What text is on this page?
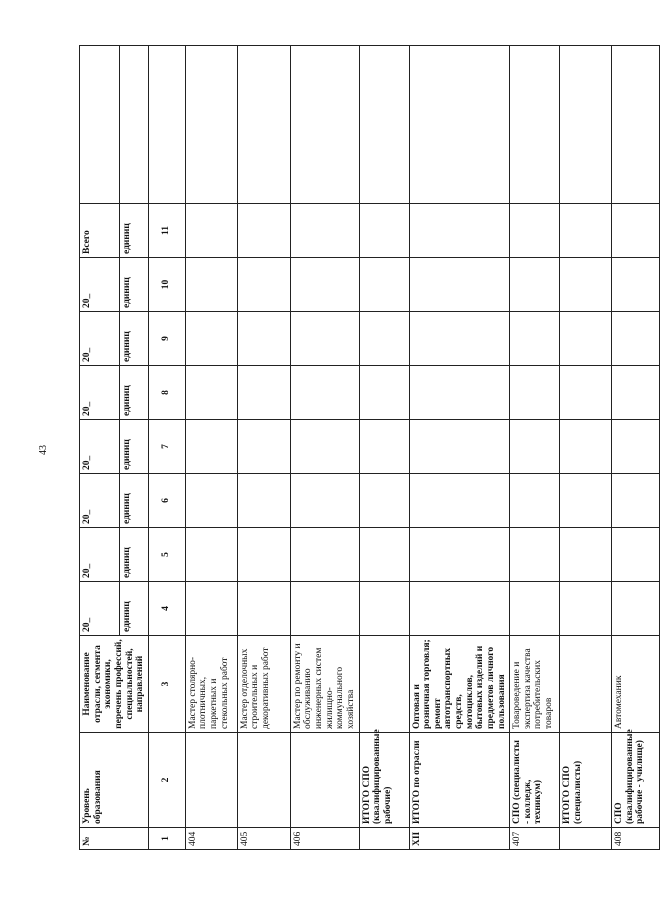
43
№	Уровень образования	Наименование отрасли, сегмента экономики, перечень профессий, специальностей, направлений	20_	20_	20_	20_	20_	20_	20_	Всего	
			единиц	единиц	единиц	единиц	единиц	единиц	единиц	единиц	
1	2	3	4	5	6	7	8	9	10	11	
404		Мастер столярно-плотничных, паркетных и стекольных работ									
405		Мастер отделочных строительных и декоративных работ									
406		Мастер по ремонту и обслуживанию инженерных систем жилищно-коммунального хозяйства									
	ИТОГО СПО (квалифицированные рабочие)										
XII	ИТОГО по отрасли	Оптовая и розничная торговля; ремонт автотранспортных средств, мотоциклов, бытовых изделий и предметов личного пользования									
407	СПО (специалисты - колледж, техникум)	Товароведение и экспертиза качества потребительских товаров									
	ИТОГО СПО (специалисты)										
408	СПО (квалифицированные рабочие - училище)	Автомеханик									
